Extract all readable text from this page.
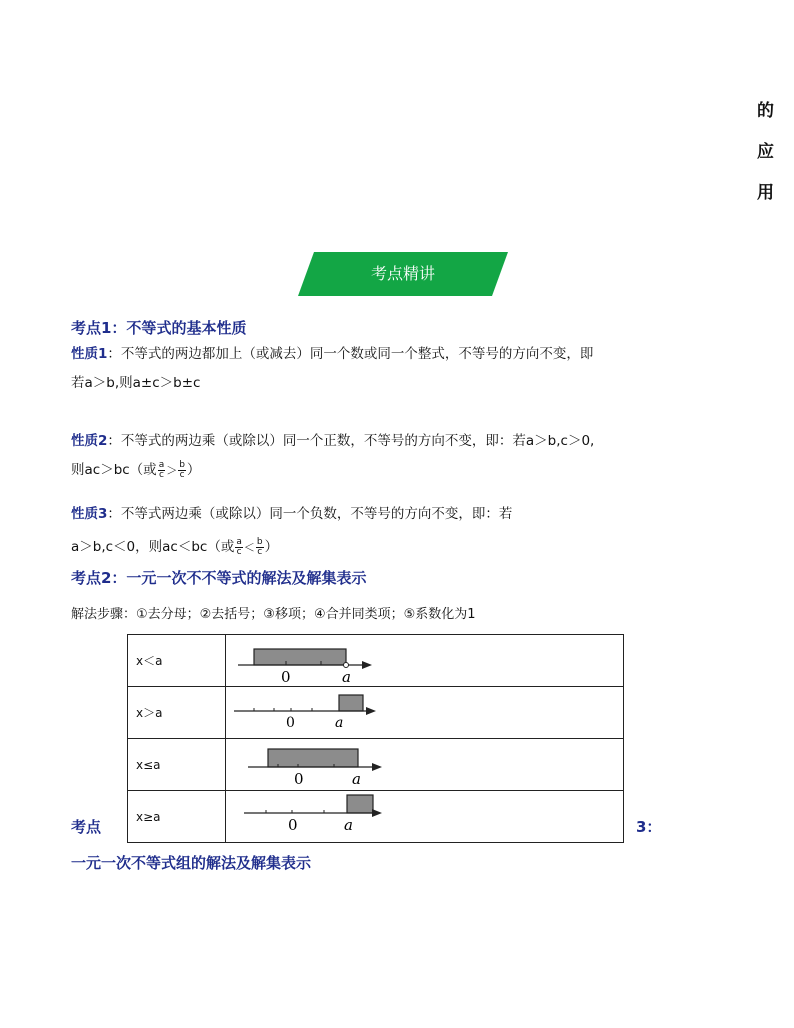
的
应
用
考点精讲
考点1：不等式的基本性质
性质1：不等式的两边都加上（或减去）同一个数或同一个整式，不等号的方向不变，即
若a＞b,则a±c＞b±c
性质2：不等式的两边乘（或除以）同一个正数，不等号的方向不变，即：若a＞b,c＞0,
则ac＞bc（或 $\frac{a}{c} > \frac{b}{c}$ ）
性质3：不等式两边乘（或除以）同一个负数，不等号的方向不变，即：若
a＞b,c＜0，则ac＜bc（或 $\frac{a}{c} < \frac{b}{c}$ ）
考点2：一元一次不不等式的解法及解集表示
解法步骤：①去分母；②去括号；③移项；④合并同类项；⑤系数化为1
x＜a	0 a

x＞a	0 a

x≤a	0 a

x≥a	0 a
考点	3：
一元一次不等式组的解法及解集表示
